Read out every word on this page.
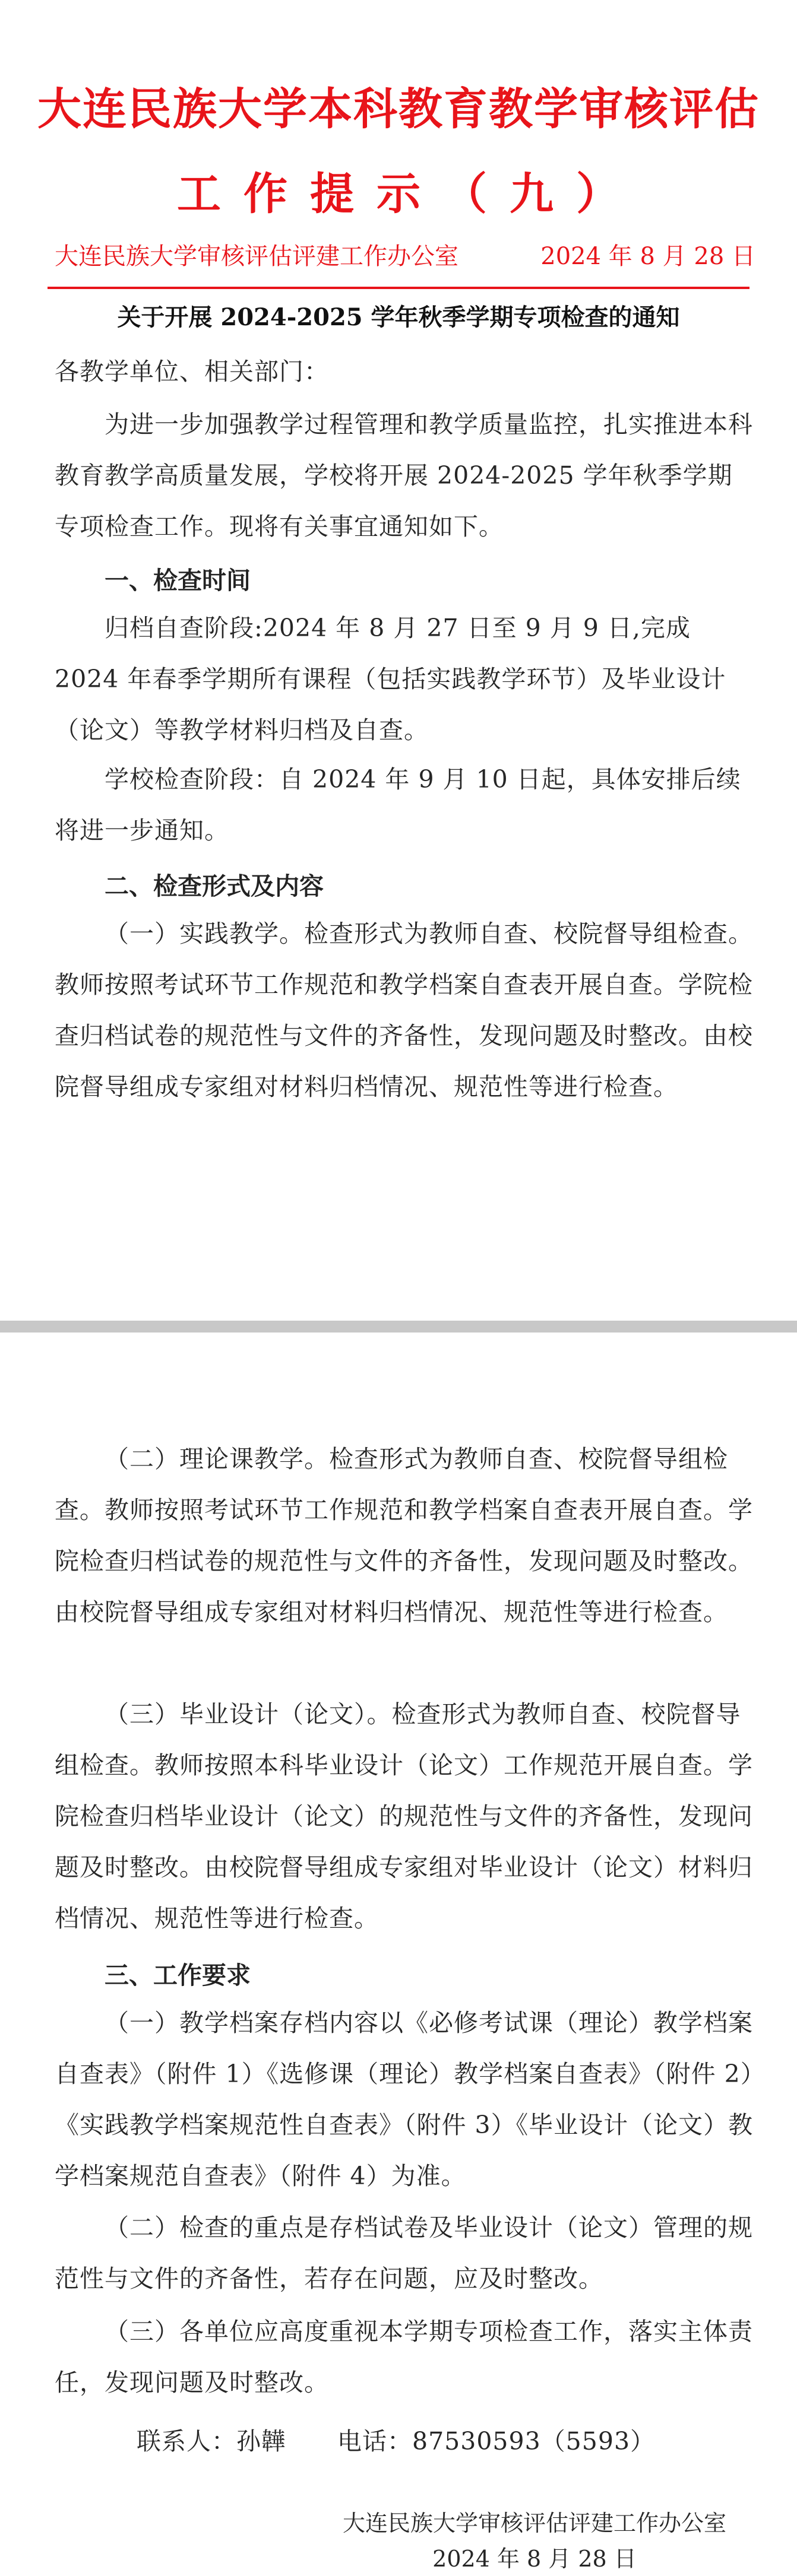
大连民族大学本科教育教学审核评估
工作提示（九）
大连民族大学审核评估评建工作办公室	2024 年 8 月 28 日
关于开展 2024-2025 学年秋季学期专项检查的通知

各教学单位、相关部门：

为进一步加强教学过程管理和教学质量监控，扎实推进本科教育教学高质量发展，学校将开展 2024-2025 学年秋季学期专项检查工作。现将有关事宜通知如下。

一、检查时间

归档自查阶段:2024 年 8 月 27 日至 9 月 9 日,完成 2024 年春季学期所有课程（包括实践教学环节）及毕业设计（论文）等教学材料归档及自查。

学校检查阶段：自 2024 年 9 月 10 日起，具体安排后续将进一步通知。

二、检查形式及内容

（一）实践教学。检查形式为教师自查、校院督导组检查。教师按照考试环节工作规范和教学档案自查表开展自查。学院检查归档试卷的规范性与文件的齐备性，发现问题及时整改。由校院督导组成专家组对材料归档情况、规范性等进行检查。

（二）理论课教学。检查形式为教师自查、校院督导组检查。教师按照考试环节工作规范和教学档案自查表开展自查。学院检查归档试卷的规范性与文件的齐备性，发现问题及时整改。由校院督导组成专家组对材料归档情况、规范性等进行检查。

（三）毕业设计（论文）。检查形式为教师自查、校院督导组检查。教师按照本科毕业设计（论文）工作规范开展自查。学院检查归档毕业设计（论文）的规范性与文件的齐备性，发现问题及时整改。由校院督导组成专家组对毕业设计（论文）材料归档情况、规范性等进行检查。

三、工作要求

（一）教学档案存档内容以《必修考试课（理论）教学档案自查表》（附件 1）《选修课（理论）教学档案自查表》（附件 2）《实践教学档案规范性自查表》（附件 3）《毕业设计（论文）教学档案规范自查表》（附件 4）为准。

（二）检查的重点是存档试卷及毕业设计（论文）管理的规范性与文件的齐备性，若存在问题，应及时整改。

（三）各单位应高度重视本学期专项检查工作，落实主体责任，发现问题及时整改。

联系人：孙韡 电话：87530593（5593）
大连民族大学审核评估评建工作办公室
2024 年 8 月 28 日
